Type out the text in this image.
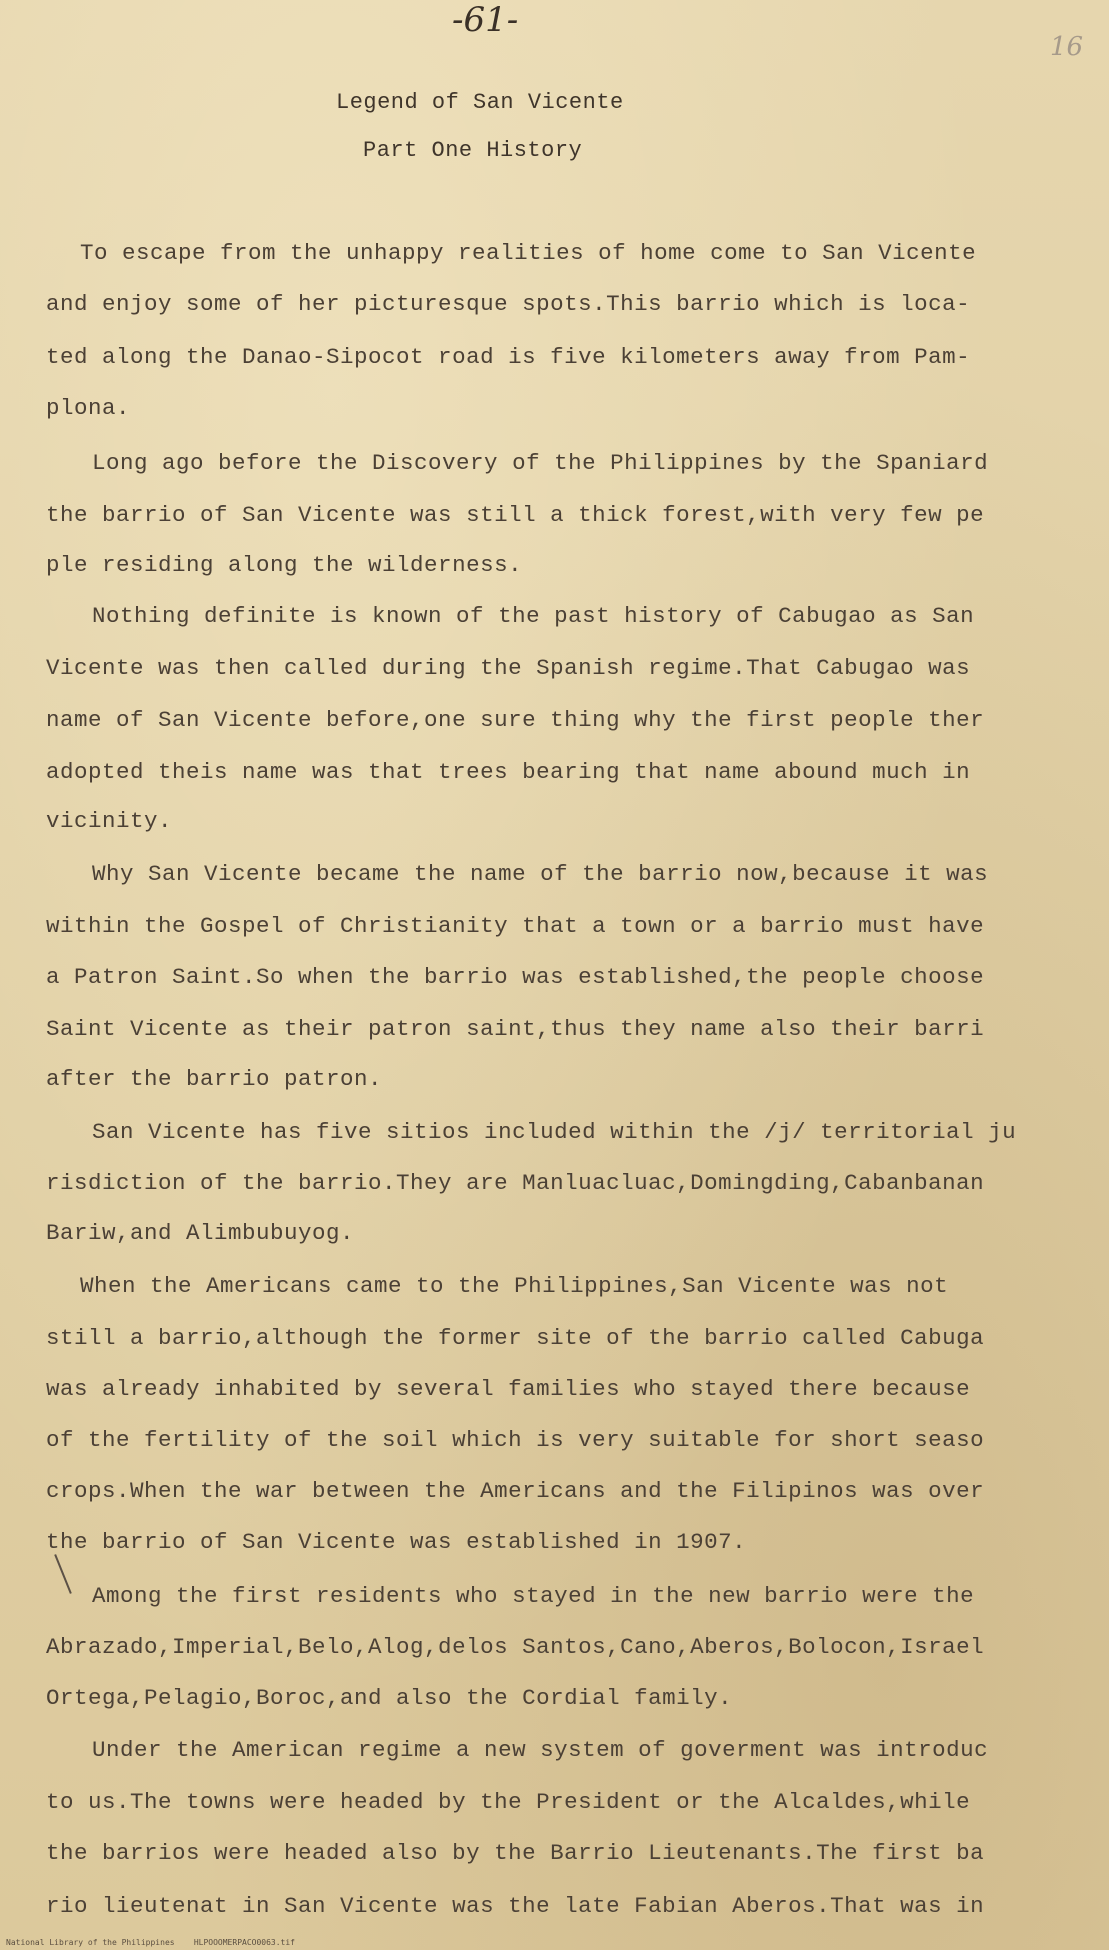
-61-
16
Legend of San Vicente
Part One History
To escape from the unhappy realities of home come to San Vicente
and enjoy some of her picturesque spots.This barrio which is loca-
ted along the Danao-Sipocot road is five kilometers away from Pam-
plona.
Long ago before the Discovery of the Philippines by the Spaniard
the barrio of San Vicente was still a thick forest,with very few pe
ple residing along the wilderness.
Nothing definite is known of the past history of Cabugao as San
Vicente was then called during the Spanish regime.That Cabugao was
name of San Vicente before,one sure thing why the first people ther
adopted theis name was that trees bearing that name abound much in
vicinity.
Why San Vicente became the name of the barrio now,because it was
within the Gospel of Christianity that a town or a barrio must have
a Patron Saint.So when the barrio was established,the people choose
Saint Vicente as their patron saint,thus they name also their barri
after the barrio patron.
San Vicente has five sitios included within the /j/ territorial ju
risdiction of the barrio.They are Manluacluac,Domingding,Cabanbanan
Bariw,and Alimbubuyog.
When the Americans came to the Philippines,San Vicente was not
still a barrio,although the former site of the barrio called Cabuga
was already inhabited by several families who stayed there because
of the fertility of the soil which is very suitable for short seaso
crops.When the war between the Americans and the Filipinos was over
the barrio of San Vicente was established in 1907.
Among the first residents who stayed in the new barrio were the
Abrazado,Imperial,Belo,Alog,delos Santos,Cano,Aberos,Bolocon,Israel
Ortega,Pelagio,Boroc,and also the Cordial family.
Under the American regime a new system of goverment was introduc
to us.The towns were headed by the President or the Alcaldes,while
the barrios were headed also by the Barrio Lieutenants.The first ba
rio lieutenat in San Vicente was the late Fabian Aberos.That was in
National Library of the Philippines    HLPOOOMERPACO0063.tif
